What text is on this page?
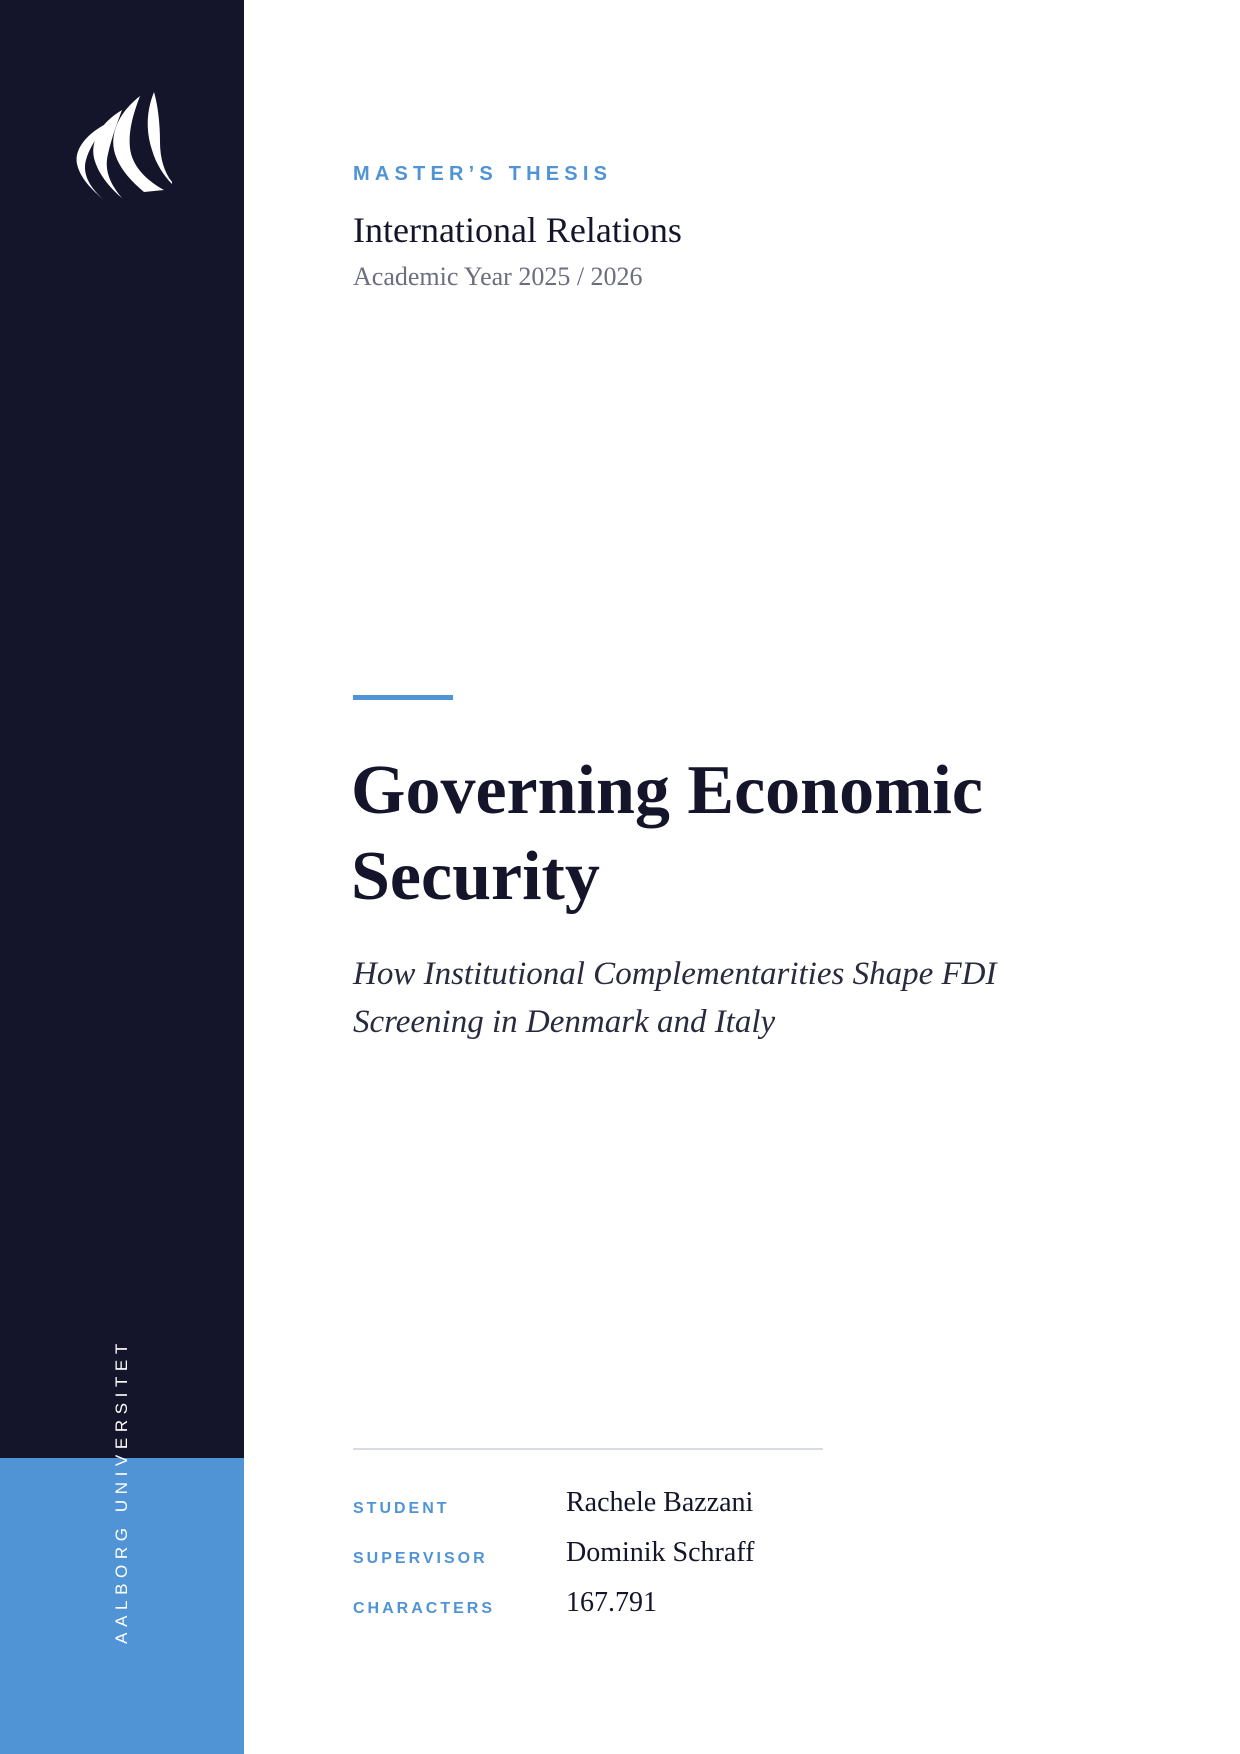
AALBORG UNIVERSITET
MASTER’S THESIS
International Relations
Academic Year 2025 / 2026
Governing Economic
Security

How Institutional Complementarities Shape FDI
Screening in Denmark and Italy

STUDENT	Rachele Bazzani
SUPERVISOR	Dominik Schraff
CHARACTERS	167.791
